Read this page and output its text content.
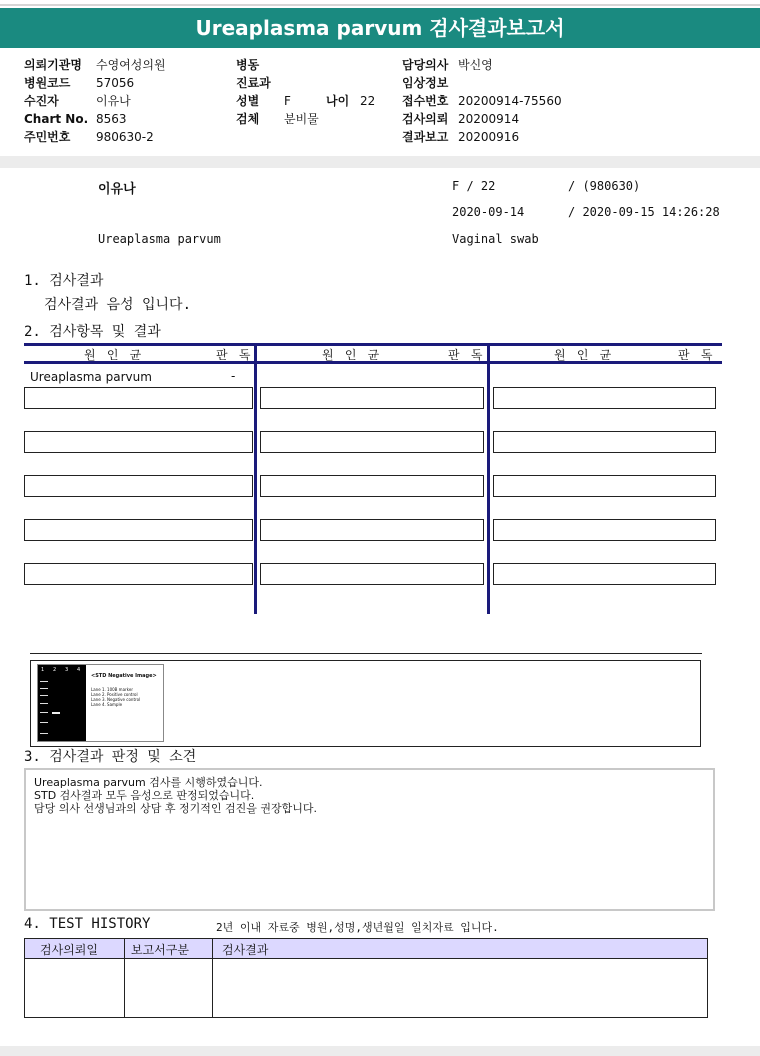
Ureaplasma parvum 검사결과보고서
의뢰기관명 수영여성의원
병원코드 57056
수진자	이유나
Chart No. 8563
주민번호 980630-2
병동
진료과
성별 F	나이 22
검체 분비물
담당의사 박신영
임상정보
접수번호 20200914-75560
검사의뢰 20200914
결과보고 20200916
이유나	F / 22	/ (980630)
2020-09-14	/ 2020-09-15 14:26:28
Ureaplasma parvum	Vaginal swab
1. 검사결과
검사결과 음성 입니다.
2. 검사항목 및 결과
원 인 균	판 독	원 인 균	판 독	원 인 균	판 독
Ureaplasma parvum	-
1 2 3 4
<STD Negative Image>
Lane 1. 100B marker
Lane 2. Positive control
Lane 3. Negative control
Lane 4. Sample
3. 검사결과 판정 및 소견
Ureaplasma parvum 검사를 시행하였습니다.
STD 검사결과 모두 음성으로 판정되었습니다.
담당 의사 선생님과의 상담 후 정기적인 검진을 권장합니다.
4. TEST HISTORY	2년 이내 자료중 병원,성명,생년월일 일치자료 입니다.
검사의뢰일	보고서구분	검사결과
